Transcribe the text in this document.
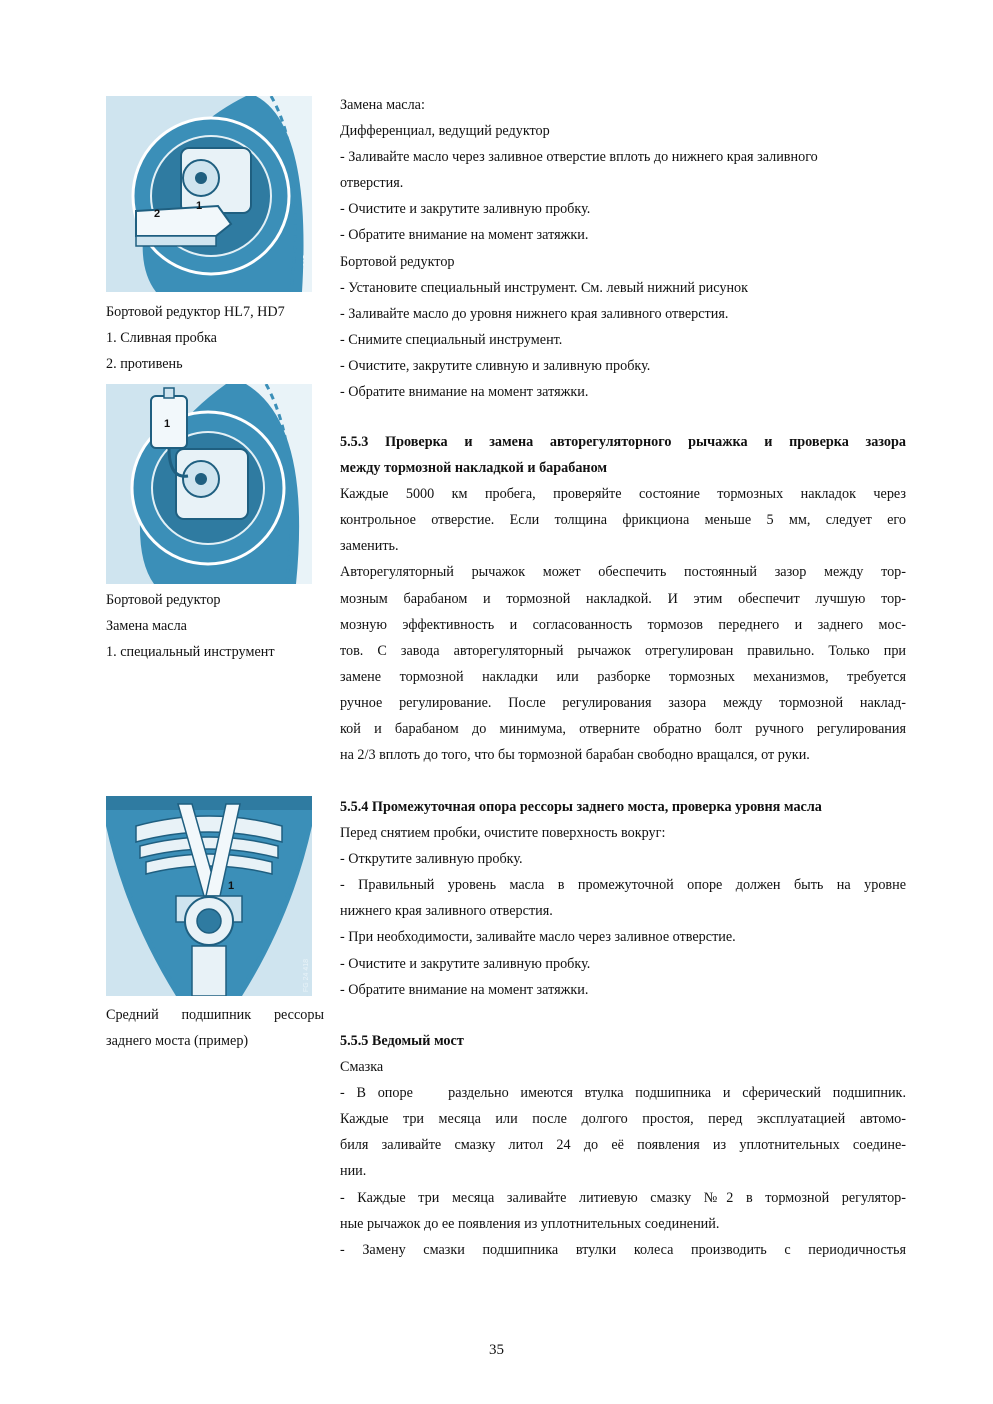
1
2
FG 24 815
Бортовой редуктор HL7, HD7
1. Сливная пробка
2. противень
1
FG 24 816
Бортовой редуктор
Замена масла
1. специальный инструмент
1
FG 24 418
Средний подшипник рессоры
заднего моста (пример)

Замена масла:

Дифференциал, ведущий редуктор

- Заливайте масло через заливное отверстие вплоть до нижнего края заливного

отверстия.

- Очистите и закрутите заливную пробку.

- Обратите внимание на момент затяжки.

Бортовой редуктор

- Установите специальный инструмент. См. левый нижний рисунок

- Заливайте масло до уровня нижнего края заливного отверстия.

- Снимите специальный инструмент.

- Очистите, закрутите сливную и заливную пробку.

- Обратите внимание на момент затяжки.

5.5.3 Проверка и замена авторегуляторного рычажка и проверка зазора

между тормозной накладкой и барабаном

Каждые 5000 км пробега, проверяйте состояние тормозных накладок через

контрольное отверстие. Если толщина фрикциона меньше 5 мм, следует его

заменить.

Авторегуляторный рычажок может обеспечить постоянный зазор между тор-

мозным барабаном и тормозной накладкой. И этим обеспечит лучшую тор-

мозную эффективность и согласованность тормозов переднего и заднего мос-

тов. С завода авторегуляторный рычажок отрегулирован правильно. Только при

замене тормозной накладки или разборке тормозных механизмов, требуется

ручное регулирование. После регулирования зазора между тормозной наклад-

кой и барабаном до минимума, отверните обратно болт ручного регулирования

на 2/3 вплоть до того, что бы тормозной барабан свободно вращался, от руки.

5.5.4 Промежуточная опора рессоры заднего моста, проверка уровня масла

Перед снятием пробки, очистите поверхность вокруг:

- Открутите заливную пробку.

- Правильный уровень масла в промежуточной опоре должен быть на уровне

нижнего края заливного отверстия.

- При необходимости, заливайте масло через заливное отверстие.

- Очистите и закрутите заливную пробку.

- Обратите внимание на момент затяжки.

5.5.5 Ведомый мост

Смазка

- В опоре   раздельно имеются втулка подшипника и сферический подшипник.

Каждые три месяца или после долгого простоя, перед эксплуатацией автомо-

биля заливайте смазку литол 24 до её появления из уплотнительных соедине-

нии.

- Каждые три месяца заливайте литиевую смазку №2 в тормозной регулятор-

ные рычажок до ее появления из уплотнительных соединений.

- Замену смазки подшипника втулки колеса производить с периодичностья

35
